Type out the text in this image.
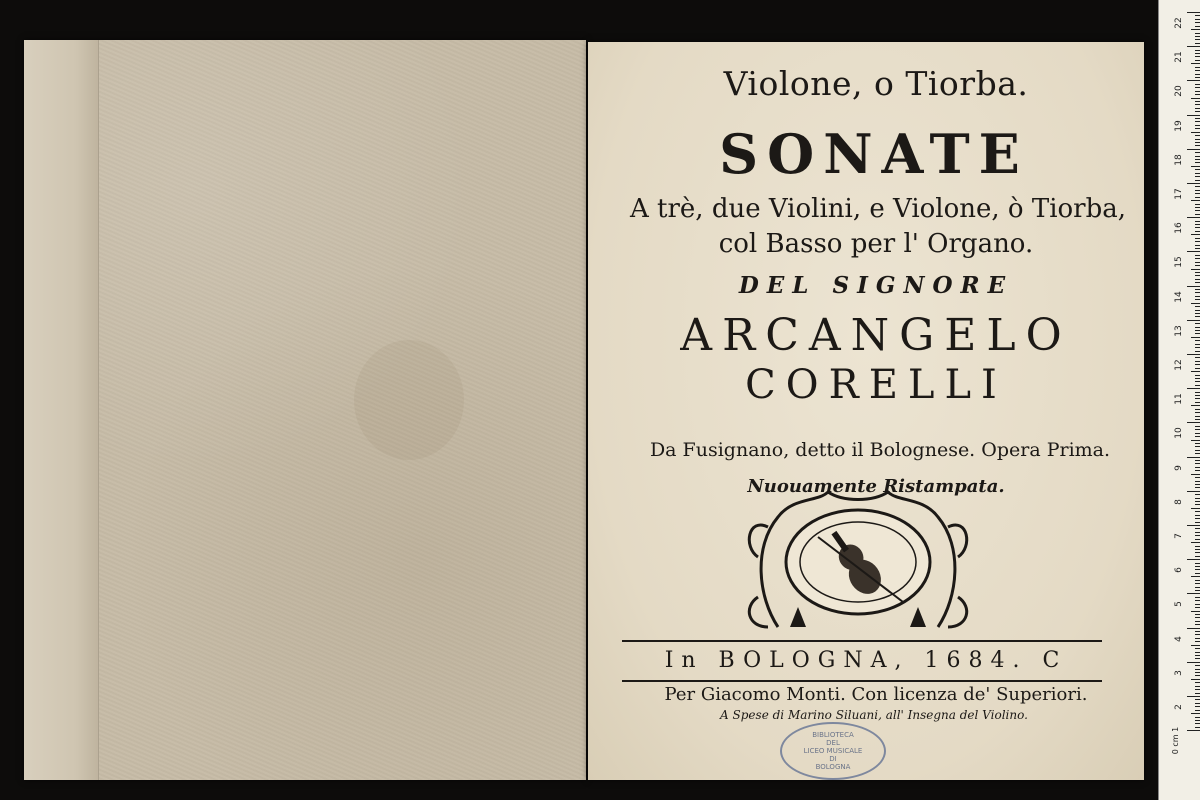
Violone, o Tiorba.
SONATE
A trè, due Violini, e Violone, ò Tiorba,
col Basso per l' Organo.
DEL SIGNORE
ARCANGELO
CORELLI
Da Fusignano, detto il Bolognese. Opera Prima.
Nuouamente Ristampata.
In BOLOGNA, 1684. C
Per Giacomo Monti. Con licenza de' Superiori.
A Spese di Marino Siluani, all' Insegna del Violino.
BIBLIOTECA
DEL
LICEO MUSICALE
DI
BOLOGNA
0 cm 1
22
21
20
19
18
17
16
15
14
13
12
11
10
9
8
7
6
5
4
3
2
